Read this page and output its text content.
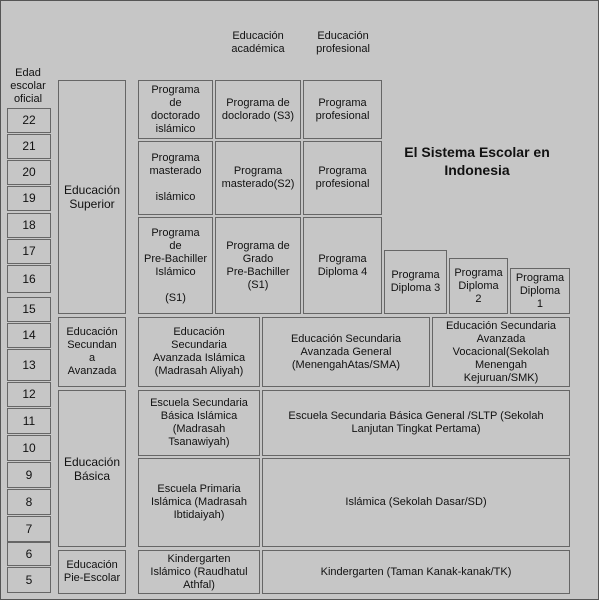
Edad
escolar
oficial
Educación
académica
Educación
profesional
El Sistema Escolar en
Indonesia
22
21
20
19
18
17
16
15
14
13
12
11
10
9
8
7
6
5
Educación
Superior
Educación
Secundan
a
Avanzada
Educación
Básica
Educación
Pie-Escolar
Programa
de
doctorado
islámico
Programa de
doclorado (S3)
Programa
profesional
Programa
masterado

islámico
Programa
masterado(S2)
Programa
profesional
Programa
de
Pre-Bachiller
Islámico

(S1)
Programa de
Grado
Pre-Bachiller
(S1)
Programa
Diploma 4	Programa
Diploma 3
Programa
Diploma
2
Programa
Diploma
1
Educación
Secundaria
Avanzada Islámica
(Madrasah Aliyah)
Educación Secundaria
Avanzada General
(MenengahAtas/SMA)
Educación Secundaria
Avanzada
Vocacional(Sekolah
Menengah
Kejuruan/SMK)
Escuela Secundaria
Básica Islámica
(Madrasah
Tsanawiyah)
Escuela Secundaria Básica General /SLTP (Sekolah
Lanjutan Tingkat Pertama)
Escuela Primaria
Islámica (Madrasah
Ibtidaiyah)
Islámica (Sekolah Dasar/SD)
Kindergarten
Islámico (Raudhatul
Athfal)
Kindergarten (Taman Kanak-kanak/TK)
